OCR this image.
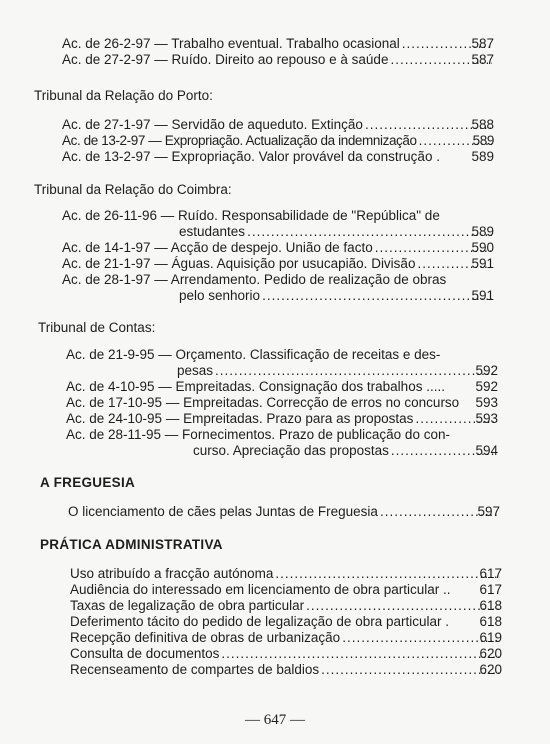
Ac. de 26-2-97 — Trabalho eventual. Trabalho ocasional .....	587
Ac. de 27-2-97 — Ruído. Direito ao repouso e à saúde .....	587
Tribunal da Relação do Porto:
Ac. de 27-1-97 — Servidão de aqueduto. Extinção .....	588
Ac. de 13-2-97 — Expropriação. Actualização da indemnização .....	589
Ac. de 13-2-97 — Expropriação. Valor provável da construção . 589
Tribunal da Relação do Coimbra:
Ac. de 26-11-96 — Ruído. Responsabilidade de "República" de
estudantes .....	589
Ac. de 14-1-97 — Acção de despejo. União de facto .....	590
Ac. de 21-1-97 — Águas. Aquisição por usucapião. Divisão .....	591
Ac. de 28-1-97 — Arrendamento. Pedido de realização de obras
pelo senhorio .....	591
Tribunal de Contas:
Ac. de 21-9-95 — Orçamento. Classificação de receitas e des-
pesas .....	592
Ac. de 4-10-95 — Empreitadas. Consignação dos trabalhos ..... 592
Ac. de 17-10-95 — Empreitadas. Correcção de erros no concurso 593
Ac. de 24-10-95 — Empreitadas. Prazo para as propostas .....	593
Ac. de 28-11-95 — Fornecimentos. Prazo de publicação do con-
curso. Apreciação das propostas .....	594
A FREGUESIA
O licenciamento de cães pelas Juntas de Freguesia .....	597
PRÁTICA ADMINISTRATIVA
Uso atribuído a fracção autónoma .....	617
Audiência do interessado em licenciamento de obra particular .. 617
Taxas de legalização de obra particular .....	618
Deferimento tácito do pedido de legalização de obra particular . 618
Recepção definitiva de obras de urbanização .....	619
Consulta de documentos .....	620
Recenseamento de compartes de baldios .....	620
— 647 —
